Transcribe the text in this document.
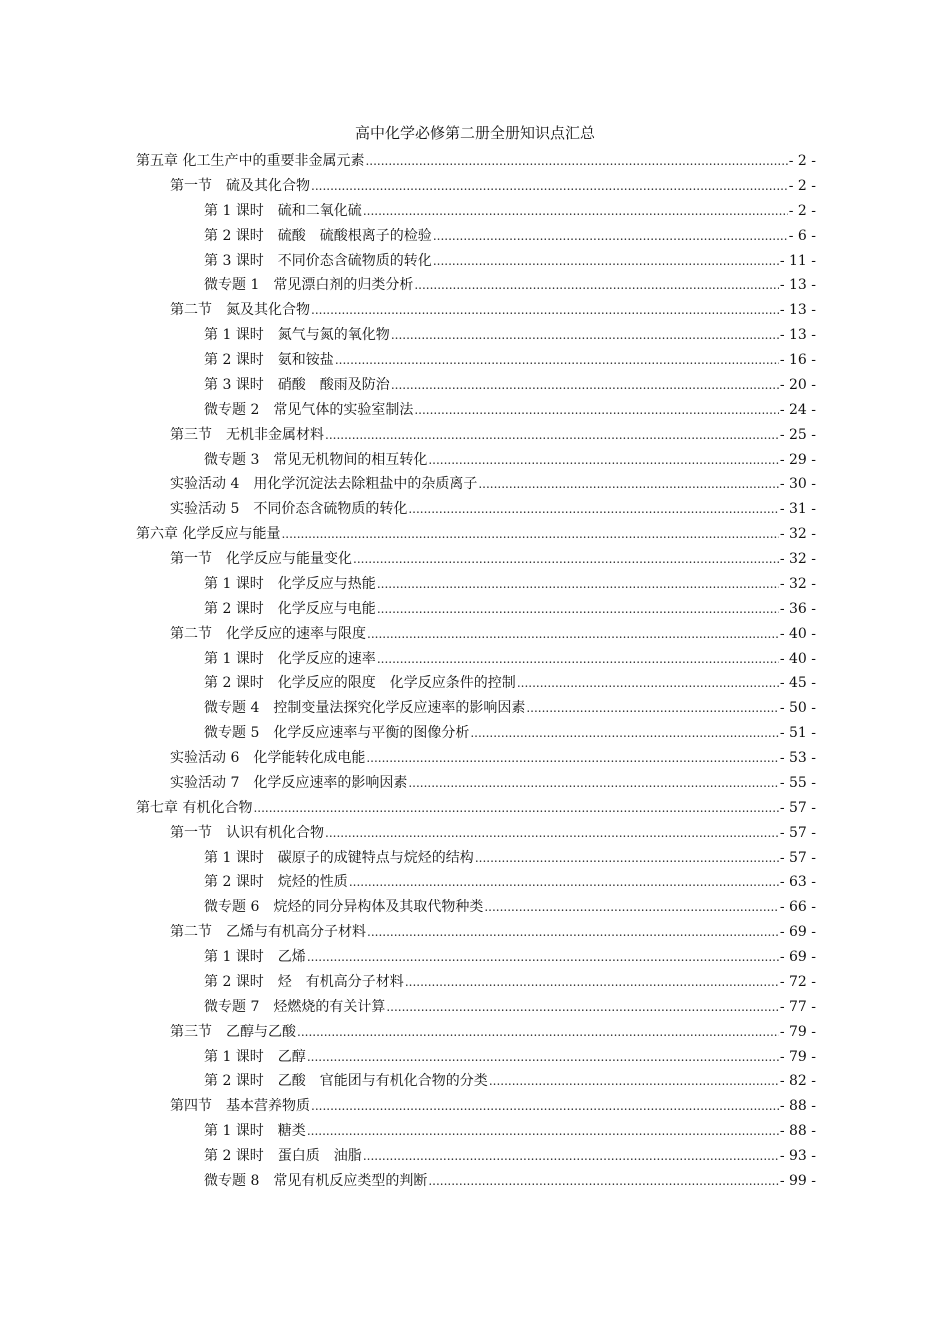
高中化学必修第二册全册知识点汇总
第五章 化工生产中的重要非金属元素 .....	- 2 -
第一节　硫及其化合物 .....	- 2 -
第 1 课时　硫和二氧化硫 .....	- 2 -
第 2 课时　硫酸　硫酸根离子的检验 .....	- 6 -
第 3 课时　不同价态含硫物质的转化 .....	- 11 -
微专题 1　常见漂白剂的归类分析 .....	- 13 -
第二节　氮及其化合物 .....	- 13 -
第 1 课时　氮气与氮的氧化物 .....	- 13 -
第 2 课时　氨和铵盐 .....	- 16 -
第 3 课时　硝酸　酸雨及防治 .....	- 20 -
微专题 2　常见气体的实验室制法 .....	- 24 -
第三节　无机非金属材料 .....	- 25 -
微专题 3　常见无机物间的相互转化 .....	- 29 -
实验活动 4　用化学沉淀法去除粗盐中的杂质离子 .....	- 30 -
实验活动 5　不同价态含硫物质的转化 .....	- 31 -
第六章 化学反应与能量 .....	- 32 -
第一节　化学反应与能量变化 .....	- 32 -
第 1 课时　化学反应与热能 .....	- 32 -
第 2 课时　化学反应与电能 .....	- 36 -
第二节　化学反应的速率与限度 .....	- 40 -
第 1 课时　化学反应的速率 .....	- 40 -
第 2 课时　化学反应的限度　化学反应条件的控制 .....	- 45 -
微专题 4　控制变量法探究化学反应速率的影响因素 .....	- 50 -
微专题 5　化学反应速率与平衡的图像分析 .....	- 51 -
实验活动 6　化学能转化成电能 .....	- 53 -
实验活动 7　化学反应速率的影响因素 .....	- 55 -
第七章 有机化合物 .....	- 57 -
第一节　认识有机化合物 .....	- 57 -
第 1 课时　碳原子的成键特点与烷烃的结构 .....	- 57 -
第 2 课时　烷烃的性质 .....	- 63 -
微专题 6　烷烃的同分异构体及其取代物种类 .....	- 66 -
第二节　乙烯与有机高分子材料 .....	- 69 -
第 1 课时　乙烯 .....	- 69 -
第 2 课时　烃　有机高分子材料 .....	- 72 -
微专题 7　烃燃烧的有关计算 .....	- 77 -
第三节　乙醇与乙酸 .....	- 79 -
第 1 课时　乙醇 .....	- 79 -
第 2 课时　乙酸　官能团与有机化合物的分类 .....	- 82 -
第四节　基本营养物质 .....	- 88 -
第 1 课时　糖类 .....	- 88 -
第 2 课时　蛋白质　油脂 .....	- 93 -
微专题 8　常见有机反应类型的判断 .....	- 99 -
